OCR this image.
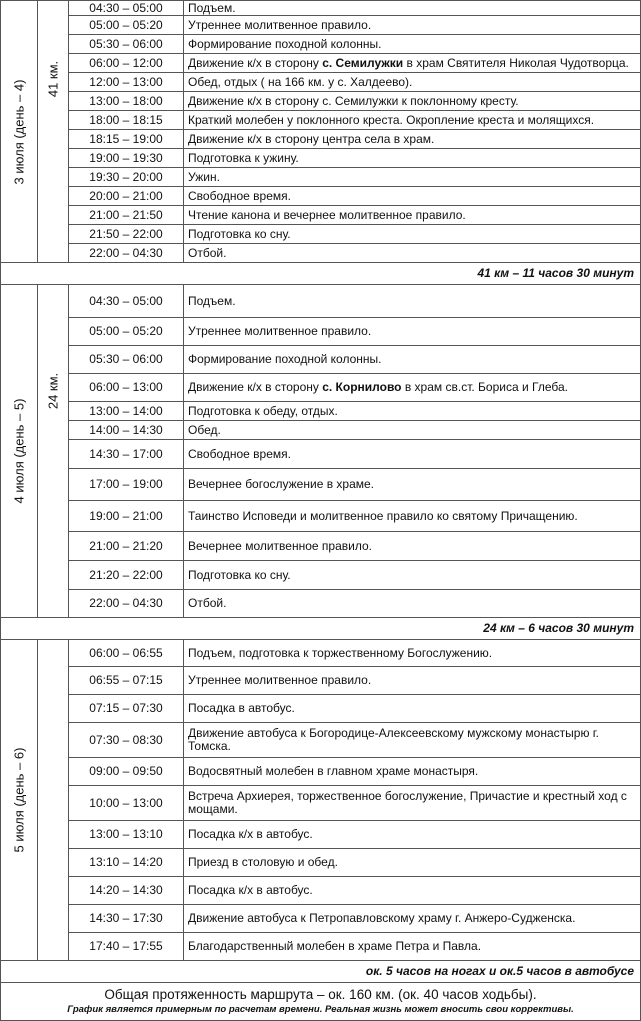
3 июля (день – 4)	41 км.	04:30 – 05:00	Подъем.
		05:00 – 05:20	Утреннее молитвенное правило.
		05:30 – 06:00	Формирование походной колонны.
		06:00 – 12:00	Движение к/х в сторону с. Семилужки в храм Святителя Николая Чудотворца.
		12:00 – 13:00	Обед, отдых ( на 166 км. у с. Халдеево).
		13:00 – 18:00	Движение к/х в сторону с. Семилужки к поклонному кресту.
		18:00 – 18:15	Краткий молебен у поклонного креста. Окропление креста и молящихся.
		18:15 – 19:00	Движение к/х в сторону центра села в храм.
		19:00 – 19:30	Подготовка к ужину.
		19:30 – 20:00	Ужин.
		20:00 – 21:00	Свободное время.
		21:00 – 21:50	Чтение канона и вечернее молитвенное правило.
		21:50 – 22:00	Подготовка ко сну.
		22:00 – 04:30	Отбой.
41 км – 11 часов 30 минут			

4 июля (день – 5)	24 км.	04:30 – 05:00	Подъем.
		05:00 – 05:20	Утреннее молитвенное правило.
		05:30 – 06:00	Формирование походной колонны.
		06:00 – 13:00	Движение к/х в сторону с. Корнилово в храм св.ст. Бориса и Глеба.
		13:00 – 14:00	Подготовка к обеду, отдых.
		14:00 – 14:30	Обед.
		14:30 – 17:00	Свободное время.
		17:00 – 19:00	Вечернее богослужение в храме.
		19:00 – 21:00	Таинство Исповеди и молитвенное правило ко святому Причащению.
		21:00 – 21:20	Вечернее молитвенное правило.
		21:20 – 22:00	Подготовка ко сну.
		22:00 – 04:30	Отбой.
24 км – 6 часов 30 минут			

5 июля (день – 6)		06:00 – 06:55	Подъем, подготовка к торжественному Богослужению.
		06:55 – 07:15	Утреннее молитвенное правило.
		07:15 – 07:30	Посадка в автобус.
		07:30 – 08:30	Движение автобуса к Богородице-Алексеевскому мужскому монастырю г. Томска.
		09:00 – 09:50	Водосвятный молебен в главном храме монастыря.
		10:00 – 13:00	Встреча Архиерея, торжественное богослужение, Причастие и крестный ход с мощами.
		13:00 – 13:10	Посадка к/х в автобус.
		13:10 – 14:20	Приезд в столовую и обед.
		14:20 – 14:30	Посадка к/х в автобус.
		14:30 – 17:30	Движение автобуса к Петропавловскому храму г. Анжеро-Судженска.
		17:40 – 17:55	Благодарственный молебен в храме Петра и Павла.
ок. 5 часов на ногах и ок.5 часов в автобусе			
Общая протяженность маршрута – ок. 160 км. (ок. 40 часов ходьбы).
График является примерным по расчетам времени. Реальная жизнь может вносить свои коррективы.
